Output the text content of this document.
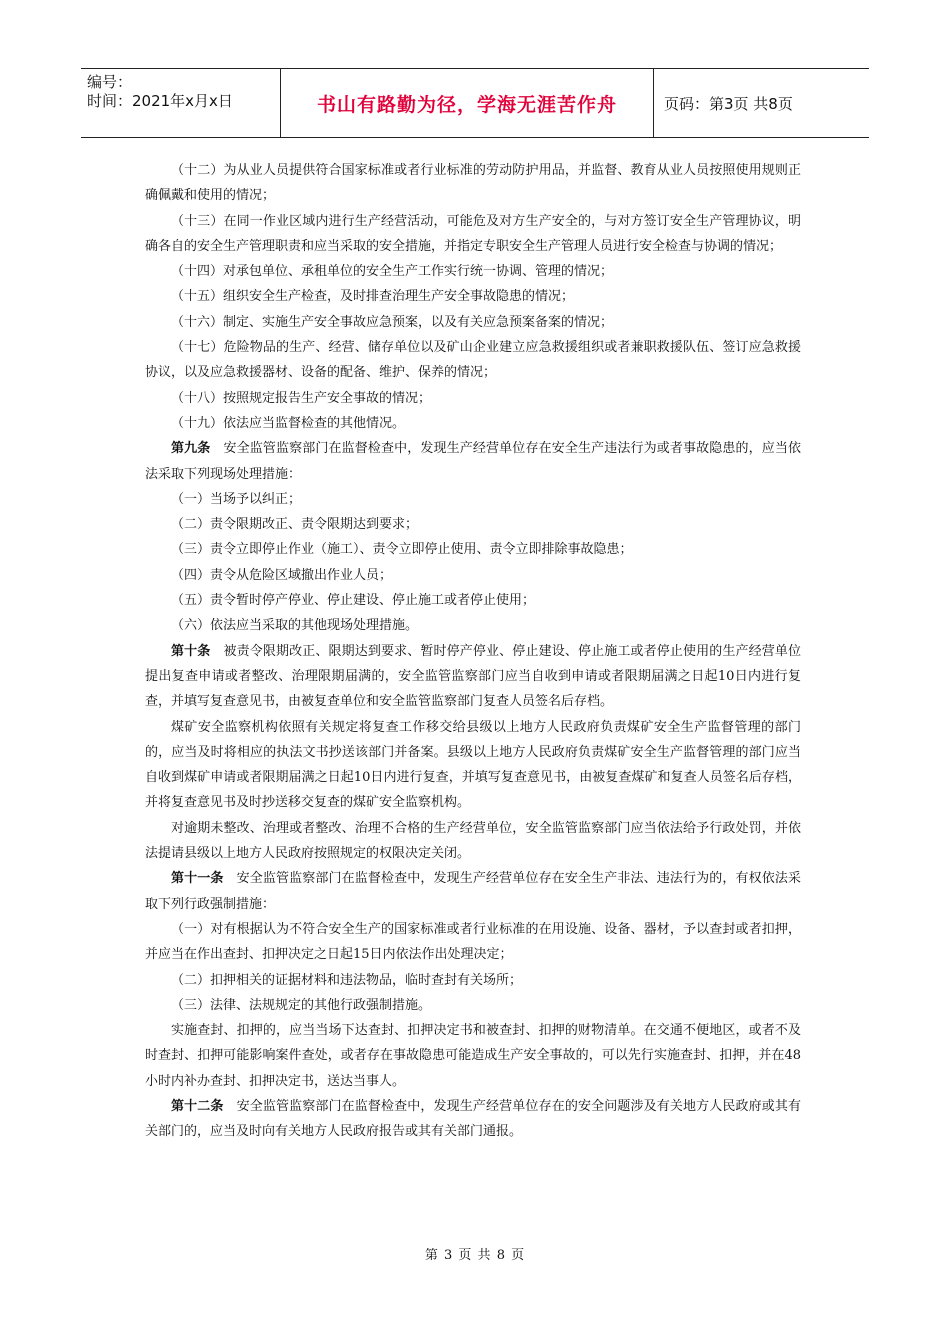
编号：
时间：2021年x月x日	书山有路勤为径，学海无涯苦作舟	页码：第3页 共8页

（十二）为从业人员提供符合国家标准或者行业标准的劳动防护用品，并监督、教育从业人员按照使用规则正确佩戴和使用的情况；

（十三）在同一作业区域内进行生产经营活动，可能危及对方生产安全的，与对方签订安全生产管理协议，明确各自的安全生产管理职责和应当采取的安全措施，并指定专职安全生产管理人员进行安全检查与协调的情况；

（十四）对承包单位、承租单位的安全生产工作实行统一协调、管理的情况；

（十五）组织安全生产检查，及时排查治理生产安全事故隐患的情况；

（十六）制定、实施生产安全事故应急预案，以及有关应急预案备案的情况；

（十七）危险物品的生产、经营、储存单位以及矿山企业建立应急救援组织或者兼职救援队伍、签订应急救援协议，以及应急救援器材、设备的配备、维护、保养的情况；

（十八）按照规定报告生产安全事故的情况；

（十九）依法应当监督检查的其他情况。

第九条　安全监管监察部门在监督检查中，发现生产经营单位存在安全生产违法行为或者事故隐患的，应当依法采取下列现场处理措施：

（一）当场予以纠正；

（二）责令限期改正、责令限期达到要求；

（三）责令立即停止作业（施工）、责令立即停止使用、责令立即排除事故隐患；

（四）责令从危险区域撤出作业人员；

（五）责令暂时停产停业、停止建设、停止施工或者停止使用；

（六）依法应当采取的其他现场处理措施。

第十条　被责令限期改正、限期达到要求、暂时停产停业、停止建设、停止施工或者停止使用的生产经营单位提出复查申请或者整改、治理限期届满的，安全监管监察部门应当自收到申请或者限期届满之日起10日内进行复查，并填写复查意见书，由被复查单位和安全监管监察部门复查人员签名后存档。

煤矿安全监察机构依照有关规定将复查工作移交给县级以上地方人民政府负责煤矿安全生产监督管理的部门的，应当及时将相应的执法文书抄送该部门并备案。县级以上地方人民政府负责煤矿安全生产监督管理的部门应当自收到煤矿申请或者限期届满之日起10日内进行复查，并填写复查意见书，由被复查煤矿和复查人员签名后存档，并将复查意见书及时抄送移交复查的煤矿安全监察机构。

对逾期未整改、治理或者整改、治理不合格的生产经营单位，安全监管监察部门应当依法给予行政处罚，并依法提请县级以上地方人民政府按照规定的权限决定关闭。

第十一条　安全监管监察部门在监督检查中，发现生产经营单位存在安全生产非法、违法行为的，有权依法采取下列行政强制措施：

（一）对有根据认为不符合安全生产的国家标准或者行业标准的在用设施、设备、器材，予以查封或者扣押，并应当在作出查封、扣押决定之日起15日内依法作出处理决定；

（二）扣押相关的证据材料和违法物品，临时查封有关场所；

（三）法律、法规规定的其他行政强制措施。

实施查封、扣押的，应当当场下达查封、扣押决定书和被查封、扣押的财物清单。在交通不便地区，或者不及时查封、扣押可能影响案件查处，或者存在事故隐患可能造成生产安全事故的，可以先行实施查封、扣押，并在48小时内补办查封、扣押决定书，送达当事人。

第十二条　安全监管监察部门在监督检查中，发现生产经营单位存在的安全问题涉及有关地方人民政府或其有关部门的，应当及时向有关地方人民政府报告或其有关部门通报。

第 3 页 共 8 页
